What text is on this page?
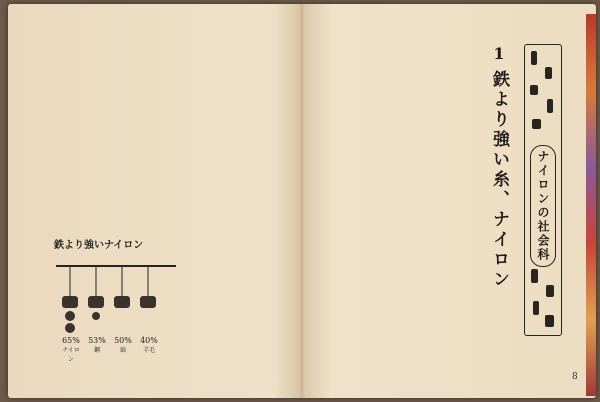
鉄より強いナイロン
65%
ナイロン
53%
鋼
50%
綿
40%
羊毛
1
鉄より強い糸、ナイロン	ナイロンの社会科
8
